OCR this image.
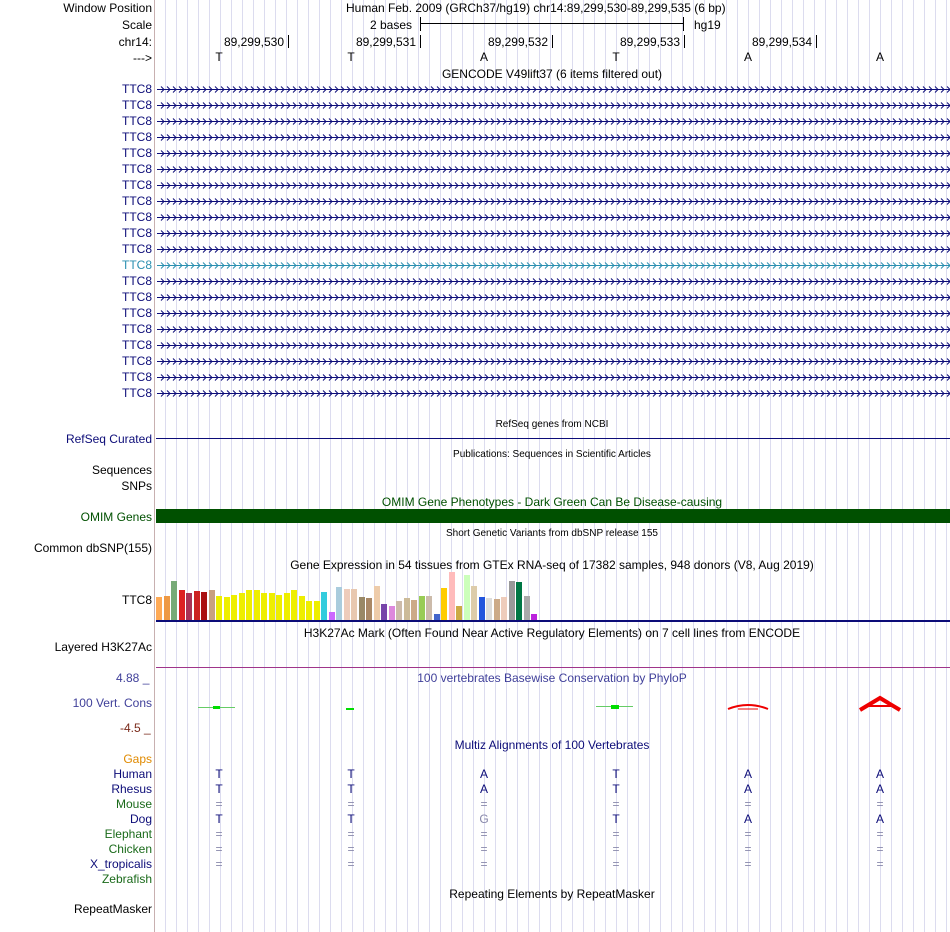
Window Position	Human Feb. 2009 (GRCh37/hg19) chr14:89,299,530-89,299,535 (6 bp)
Scale	2 bases	hg19
chr14:	89,299,530	89,299,531	89,299,532	89,299,533	89,299,534
--->	T	T	A	T	A	A
GENCODE V49lift37 (6 items filtered out)
TTC8
TTC8
TTC8
TTC8
TTC8
TTC8
TTC8
TTC8
TTC8
TTC8
TTC8
TTC8
TTC8
TTC8
TTC8
TTC8
TTC8
TTC8
TTC8
TTC8
RefSeq genes from NCBI
RefSeq Curated
Publications: Sequences in Scientific Articles
Sequences
SNPs
OMIM Gene Phenotypes - Dark Green Can Be Disease-causing
OMIM Genes
Short Genetic Variants from dbSNP release 155
Common dbSNP(155)
Gene Expression in 54 tissues from GTEx RNA-seq of 17382 samples, 948 donors (V8, Aug 2019)
TTC8
H3K27Ac Mark (Often Found Near Active Regulatory Elements) on 7 cell lines from ENCODE
Layered H3K27Ac
100 vertebrates Basewise Conservation by PhyloP
4.88 _
100 Vert. Cons
-4.5 _
Multiz Alignments of 100 Vertebrates
Gaps
Human	T	T	A	T	A	A
Rhesus	T	T	A	T	A	A
Mouse	=	=	=	=	=	=
Dog	T	T	G	T	A	A
Elephant	=	=	=	=	=	=
Chicken	=	=	=	=	=	=
X_tropicalis	=	=	=	=	=	=
Zebrafish
Repeating Elements by RepeatMasker
RepeatMasker
